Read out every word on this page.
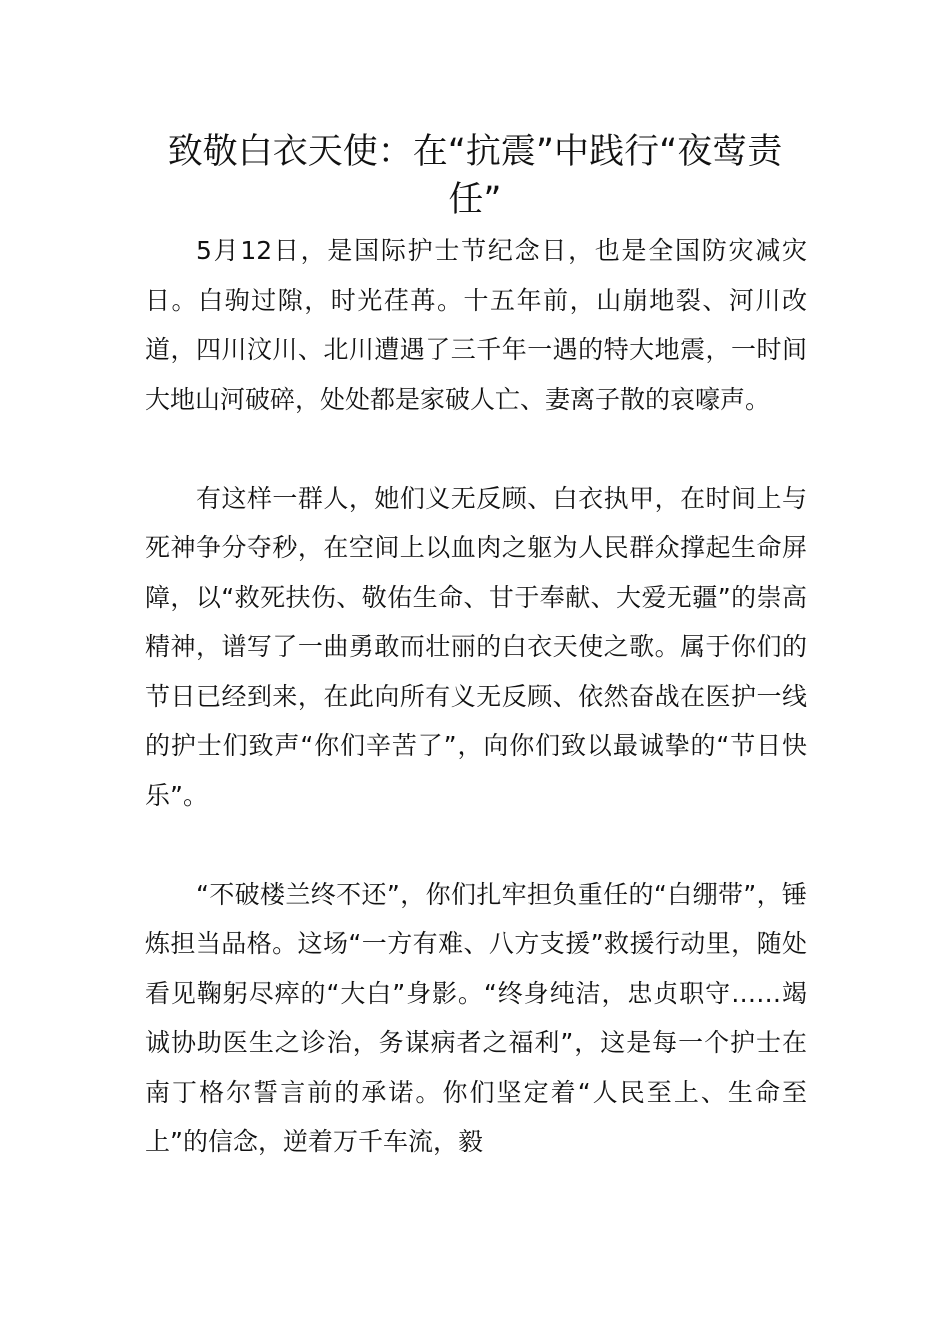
致敬白衣天使：在“抗震”中践行“夜莺责任”

5月12日，是国际护士节纪念日，也是全国防灾减灾日。白驹过隙，时光荏苒。十五年前，山崩地裂、河川改道，四川汶川、北川遭遇了三千年一遇的特大地震，一时间大地山河破碎，处处都是家破人亡、妻离子散的哀嚎声。

有这样一群人，她们义无反顾、白衣执甲，在时间上与死神争分夺秒，在空间上以血肉之躯为人民群众撑起生命屏障，以“救死扶伤、敬佑生命、甘于奉献、大爱无疆”的崇高精神，谱写了一曲勇敢而壮丽的白衣天使之歌。属于你们的节日已经到来，在此向所有义无反顾、依然奋战在医护一线的护士们致声“你们辛苦了”，向你们致以最诚挚的“节日快乐”。

“不破楼兰终不还”，你们扎牢担负重任的“白绷带”，锤炼担当品格。这场“一方有难、八方支援”救援行动里，随处看见鞠躬尽瘁的“大白”身影。“终身纯洁，忠贞职守……竭诚协助医生之诊治，务谋病者之福利”，这是每一个护士在南丁格尔誓言前的承诺。你们坚定着“人民至上、生命至上”的信念，逆着万千车流，毅
